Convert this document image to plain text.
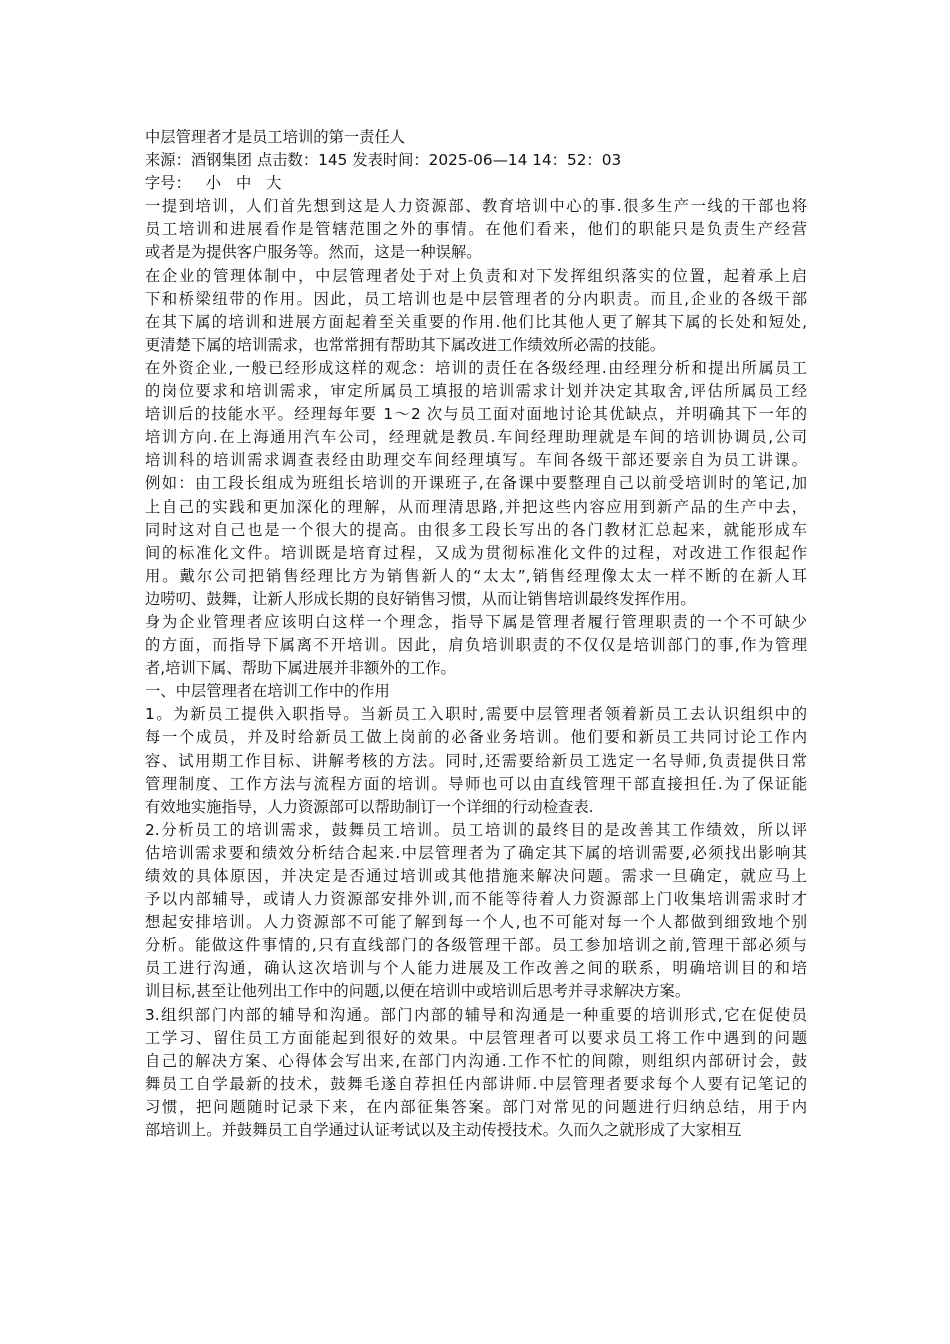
中层管理者才是员工培训的第一责任人
来源：酒钢集团 点击数：145 发表时间：2025-06—14 14：52：03
字号： 小 中 大
一提到培训，人们首先想到这是人力资源部、教育培训中心的事.很多生产一线的干部也将
员工培训和进展看作是管辖范围之外的事情。在他们看来，他们的职能只是负责生产经营
或者是为提供客户服务等。然而，这是一种误解。
在企业的管理体制中，中层管理者处于对上负责和对下发挥组织落实的位置，起着承上启
下和桥梁纽带的作用。因此，员工培训也是中层管理者的分内职责。而且,企业的各级干部
在其下属的培训和进展方面起着至关重要的作用.他们比其他人更了解其下属的长处和短处,
更清楚下属的培训需求，也常常拥有帮助其下属改进工作绩效所必需的技能。
在外资企业,一般已经形成这样的观念：培训的责任在各级经理.由经理分析和提出所属员工
的岗位要求和培训需求，审定所属员工填报的培训需求计划并决定其取舍,评估所属员工经
培训后的技能水平。经理每年要 1～2 次与员工面对面地讨论其优缺点，并明确其下一年的
培训方向.在上海通用汽车公司，经理就是教员.车间经理助理就是车间的培训协调员,公司
培训科的培训需求调查表经由助理交车间经理填写。车间各级干部还要亲自为员工讲课。
例如：由工段长组成为班组长培训的开课班子,在备课中要整理自己以前受培训时的笔记,加
上自己的实践和更加深化的理解，从而理清思路,并把这些内容应用到新产品的生产中去，
同时这对自己也是一个很大的提高。由很多工段长写出的各门教材汇总起来，就能形成车
间的标准化文件。培训既是培育过程，又成为贯彻标准化文件的过程，对改进工作很起作
用。戴尔公司把销售经理比方为销售新人的“太太”,销售经理像太太一样不断的在新人耳
边唠叨、鼓舞，让新人形成长期的良好销售习惯，从而让销售培训最终发挥作用。
身为企业管理者应该明白这样一个理念，指导下属是管理者履行管理职责的一个不可缺少
的方面，而指导下属离不开培训。因此，肩负培训职责的不仅仅是培训部门的事,作为管理
者,培训下属、帮助下属进展并非额外的工作。
一、中层管理者在培训工作中的作用
1。为新员工提供入职指导。当新员工入职时,需要中层管理者领着新员工去认识组织中的
每一个成员，并及时给新员工做上岗前的必备业务培训。他们要和新员工共同讨论工作内
容、试用期工作目标、讲解考核的方法。同时,还需要给新员工选定一名导师,负责提供日常
管理制度、工作方法与流程方面的培训。导师也可以由直线管理干部直接担任.为了保证能
有效地实施指导，人力资源部可以帮助制订一个详细的行动检查表.
2.分析员工的培训需求，鼓舞员工培训。员工培训的最终目的是改善其工作绩效，所以评
估培训需求要和绩效分析结合起来.中层管理者为了确定其下属的培训需要,必须找出影响其
绩效的具体原因，并决定是否通过培训或其他措施来解决问题。需求一旦确定，就应马上
予以内部辅导，或请人力资源部安排外训,而不能等待着人力资源部上门收集培训需求时才
想起安排培训。人力资源部不可能了解到每一个人,也不可能对每一个人都做到细致地个别
分析。能做这件事情的,只有直线部门的各级管理干部。员工参加培训之前,管理干部必须与
员工进行沟通，确认这次培训与个人能力进展及工作改善之间的联系，明确培训目的和培
训目标,甚至让他列出工作中的问题,以便在培训中或培训后思考并寻求解决方案。
3.组织部门内部的辅导和沟通。部门内部的辅导和沟通是一种重要的培训形式,它在促使员
工学习、留住员工方面能起到很好的效果。中层管理者可以要求员工将工作中遇到的问题
自己的解决方案、心得体会写出来,在部门内沟通.工作不忙的间隙，则组织内部研讨会，鼓
舞员工自学最新的技术，鼓舞毛遂自荐担任内部讲师.中层管理者要求每个人要有记笔记的
习惯，把问题随时记录下来，在内部征集答案。部门对常见的问题进行归纳总结，用于内
部培训上。并鼓舞员工自学通过认证考试以及主动传授技术。久而久之就形成了大家相互
